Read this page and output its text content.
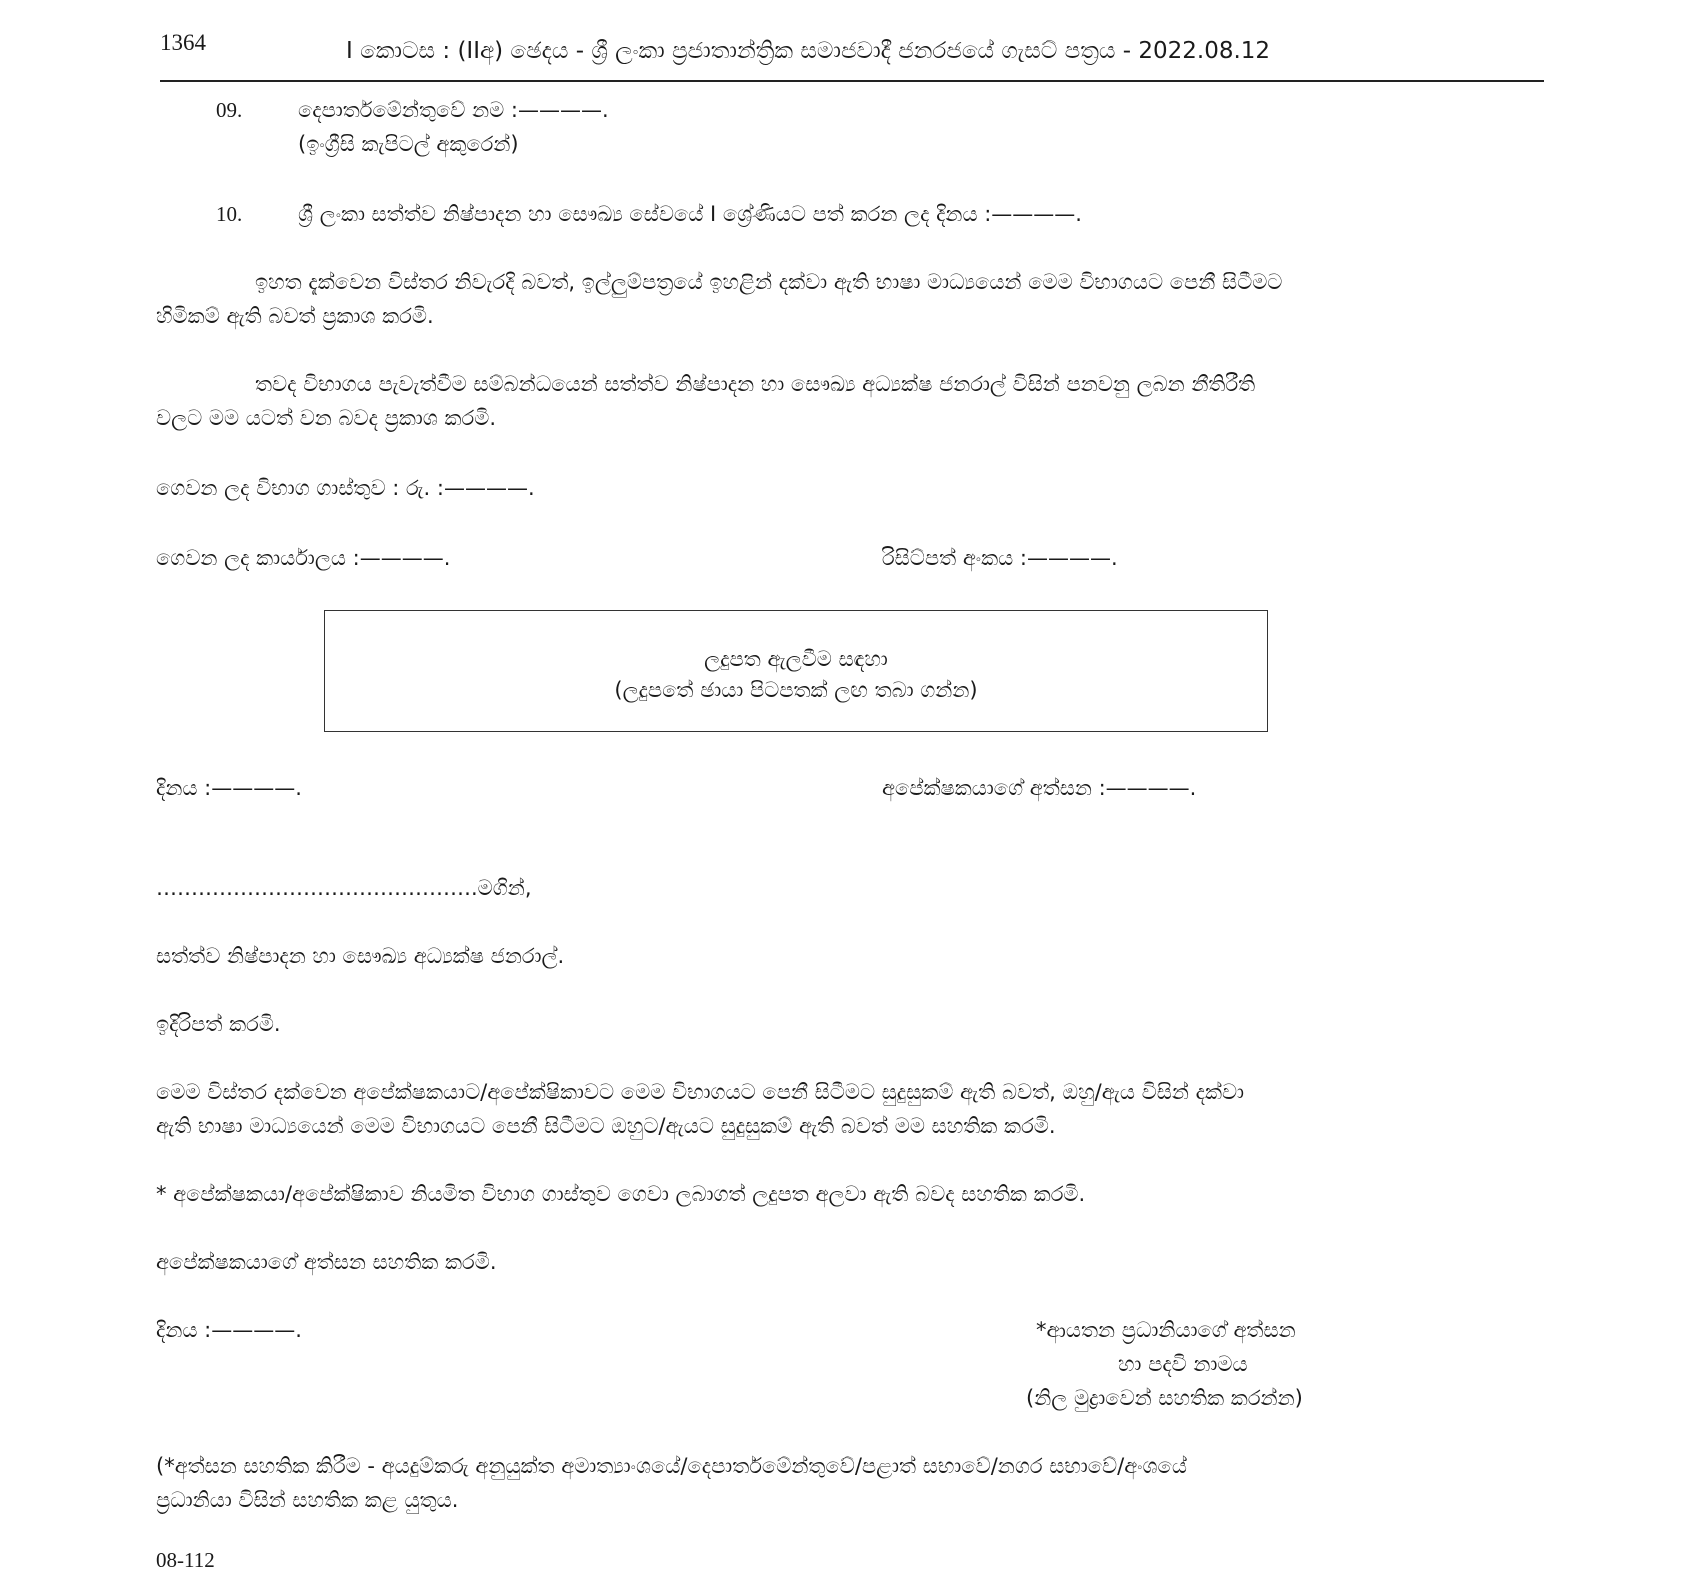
1364	I කොටස : (IIඅ) ඡෙදය - ශ්‍රී ලංකා ප්‍රජාතාන්ත්‍රික සමාජවාදී ජනරජයේ ගැසට් පත්‍රය - 2022.08.12
09.	දෙපාර්තමේන්තුවේ නම :————.
(ඉංග්‍රීසි කැපිටල් අකුරෙන්)
10.	ශ්‍රී ලංකා සත්ත්ව නිෂ්පාදන හා සෞඛ්‍ය සේවයේ I ශ්‍රේණියට පත් කරන ලද දිනය :————.
ඉහත දැක්වෙන විස්තර නිවැරදි බවත්, ඉල්ලුම්පත්‍රයේ ඉහළින් දක්වා ඇති භාෂා මාධ්‍යයෙන් මෙම විභාගයට පෙනී සිටීමට
හිමිකම් ඇති බවත් ප්‍රකාශ කරමි.
තවද විභාගය පැවැත්වීම සම්බන්ධයෙන් සත්ත්ව නිෂ්පාදන හා සෞඛ්‍ය අධ්‍යක්ෂ ජනරාල් විසින් පනවනු ලබන නීතිරීති
වලට මම යටත් වන බවද ප්‍රකාශ කරමි.
ගෙවන ලද විභාග ගාස්තුව : රු. :————.
ගෙවන ලද කාර්යාලය :————.	රිසිට්පත් අංකය :————.
ලදුපත ඇලවීම සඳහා
(ලදුපතේ ඡායා පිටපතක් ලඟ තබා ගන්න)
දිනය :————.	අපේක්ෂකයාගේ අත්සන :————.
……………………………………….මගින්,
සත්ත්ව නිෂ්පාදන හා සෞඛ්‍ය අධ්‍යක්ෂ ජනරාල්.
ඉදිරිපත් කරමි.
මෙම විස්තර දක්වෙන අපේක්ෂකයාට/අපේක්ෂිකාවට මෙම විභාගයට පෙනී සිටීමට සුදුසුකම් ඇති බවත්, ඔහු/ඇය විසින් දක්වා
ඇති භාෂා මාධ්‍යයෙන් මෙම විභාගයට පෙනී සිටීමට ඔහුට/ඇයට සුදුසුකම් ඇති බවත් මම සහතික කරමි.
* අපේක්ෂකයා/අපේක්ෂිකාව නියමිත විභාග ගාස්තුව ගෙවා ලබාගත් ලදුපත අලවා ඇති බවද සහතික කරමි.
අපේක්ෂකයාගේ අත්සන සහතික කරමි.
දිනය :————.	*ආයතන ප්‍රධානියාගේ අත්සන
හා පදවි නාමය
(නිල මුද්‍රාවෙන් සහතික කරන්න)
(*අත්සන සහතික කිරීම - අයදුම්කරු අනුයුක්ත අමාත්‍යාංශයේ/දෙපාර්තමේන්තුවේ/පළාත් සභාවේ/නගර සභාවේ/අංශයේ
ප්‍රධානියා විසින් සහතික කළ යුතුය.
08-112
